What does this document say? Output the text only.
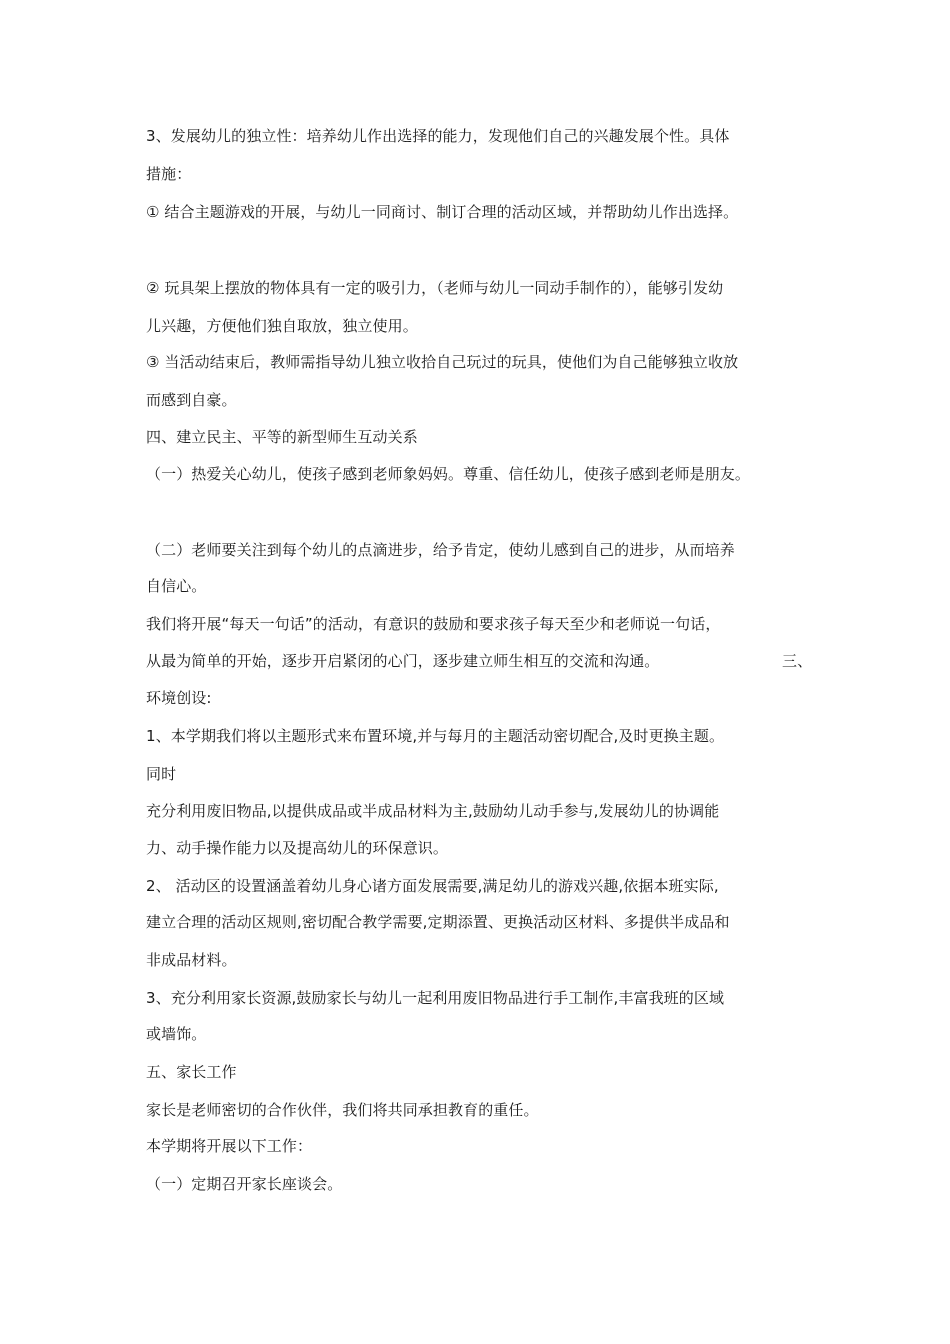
3、发展幼儿的独立性：培养幼儿作出选择的能力，发现他们自己的兴趣发展个性。具体
措施：
① 结合主题游戏的开展，与幼儿一同商讨、制订合理的活动区域，并帮助幼儿作出选择。
② 玩具架上摆放的物体具有一定的吸引力，（老师与幼儿一同动手制作的），能够引发幼
儿兴趣，方便他们独自取放，独立使用。
③ 当活动结束后，教师需指导幼儿独立收拾自己玩过的玩具，使他们为自己能够独立收放
而感到自豪。
四、建立民主、平等的新型师生互动关系
（一）热爱关心幼儿，使孩子感到老师象妈妈。尊重、信任幼儿，使孩子感到老师是朋友。
（二）老师要关注到每个幼儿的点滴进步，给予肯定，使幼儿感到自己的进步，从而培养
自信心。
我们将开展“每天一句话”的活动，有意识的鼓励和要求孩子每天至少和老师说一句话，
从最为简单的开始，逐步开启紧闭的心门，逐步建立师生相互的交流和沟通。	三、
环境创设:
1、本学期我们将以主题形式来布置环境,并与每月的主题活动密切配合,及时更换主题。
同时
充分利用废旧物品,以提供成品或半成品材料为主,鼓励幼儿动手参与,发展幼儿的协调能
力、动手操作能力以及提高幼儿的环保意识。
2、 活动区的设置涵盖着幼儿身心诸方面发展需要,满足幼儿的游戏兴趣,依据本班实际,
建立合理的活动区规则,密切配合教学需要,定期添置、更换活动区材料、多提供半成品和
非成品材料。
3、充分利用家长资源,鼓励家长与幼儿一起利用废旧物品进行手工制作,丰富我班的区域
或墙饰。
五、家长工作
家长是老师密切的合作伙伴，我们将共同承担教育的重任。
本学期将开展以下工作：
（一）定期召开家长座谈会。
